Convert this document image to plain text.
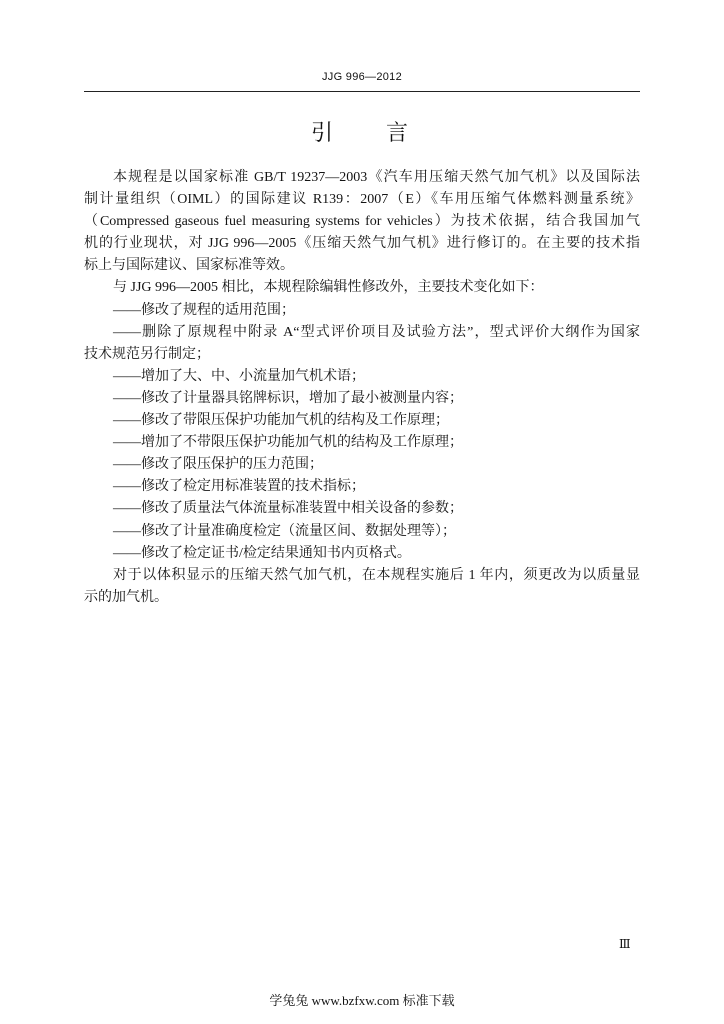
JJG 996—2012
引　言
本规程是以国家标准 GB/T 19237—2003《汽车用压缩天然气加气机》以及国际法
制计量组织（OIML）的国际建议 R139：2007（E）《车用压缩气体燃料测量系统》
（Compressed gaseous fuel measuring systems for vehicles）为技术依据，结合我国加气
机的行业现状，对 JJG 996—2005《压缩天然气加气机》进行修订的。在主要的技术指
标上与国际建议、国家标准等效。
与 JJG 996—2005 相比，本规程除编辑性修改外，主要技术变化如下：
——修改了规程的适用范围；
——删除了原规程中附录 A“型式评价项目及试验方法”，型式评价大纲作为国家
技术规范另行制定；
——增加了大、中、小流量加气机术语；
——修改了计量器具铭牌标识，增加了最小被测量内容；
——修改了带限压保护功能加气机的结构及工作原理；
——增加了不带限压保护功能加气机的结构及工作原理；
——修改了限压保护的压力范围；
——修改了检定用标准装置的技术指标；
——修改了质量法气体流量标准装置中相关设备的参数；
——修改了计量准确度检定（流量区间、数据处理等）；
——修改了检定证书/检定结果通知书内页格式。
对于以体积显示的压缩天然气加气机，在本规程实施后 1 年内，须更改为以质量显
示的加气机。
Ⅲ
学兔兔 www.bzfxw.com 标准下载
